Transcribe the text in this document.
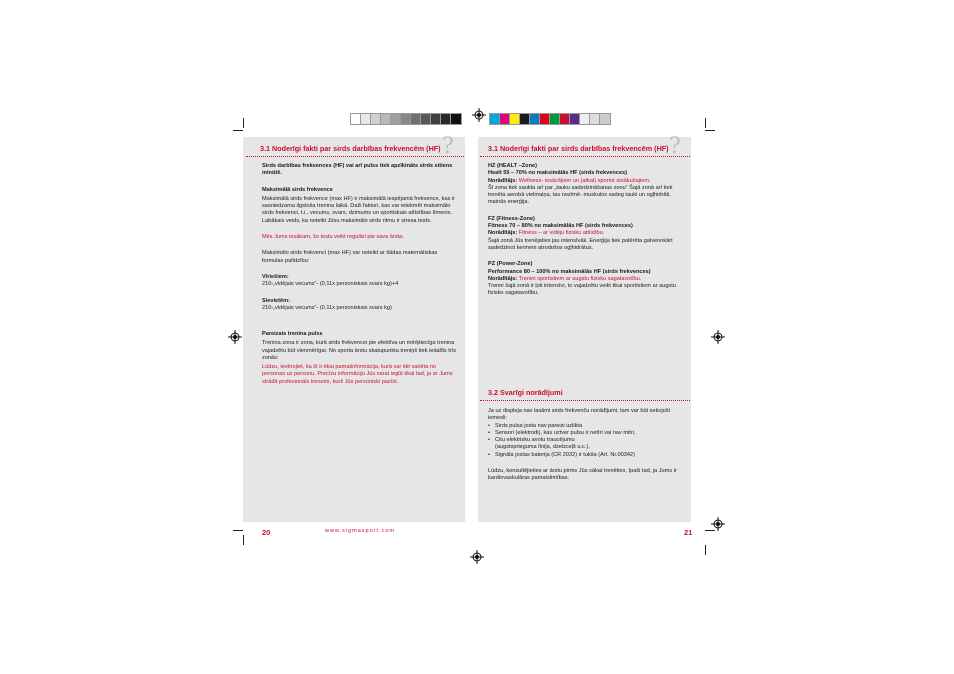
3.1 Noderīgi fakti par sirds darbības frekvencēm (HF) ?

Sirds darbības frekvences (HF) vai arī pulss tiek apzīkināts sirds sitiens minūtē.

Maksimālā sirds frekvence

Maksimālā sirds frekvence (max HF) ir maksimālā iespējamā frekvence, kas ir sasniedzama ilgstoša trenina laikā. Daži faktori, kas var ietekmēt maksimālo sirds frekvenci, t.i., vecums, svars, dzimums un sportiskais attīstības līmenis. Labākais veids, ka noteikt Jūsu maksimālo sirds ritmu ir stresa tests.

Mēs Jums iesākam, šo testu veikt regulāri pie sava ārsta.

Maksimālo sirds frekvenci (max HF) var noteikt ar šādas matemātiskas formulas palīdzību:

Vīriešiem:

210-„vidējais vecums“- (0,11x personiskais svars kg)+4

Sievietēm:

210-„vidējais vecums“- (0.11x personiskais svars kg)

Pareizais trenina pulss

Trenina zona ir zona, kurā sirds frekvencei pie efektīva un mērķtiecīga trenina vajadzētu būt vienmērīgai. No sporta ārstu skatupunkta treniņš tiek iedalīts trīs zonās:

Lūdzu, ievērojiet, ka šī ir tikai pamatinformācija, kurā var tikt variēta no personas uz personu. Precīzu informāciju Jūs varat iegūt tikai tad, ja ar Jums strādā profesionāls treneris, kurš Jūs personiski pazīst.

20	www.sigmasport.com
3.1 Noderīgi fakti par sirds darbības frekvencēm (HF) ?

HZ (HEALT –Zone)

Healt 55 – 70% no maksimālās HF (sirds frekvences)

Norādītājs: Wellness- iesācējiem un (atkal) sportot atsākušajiem.

Šī zona tiek saukta arī par „tauku sadedzināšanas zonu“ Šajā zonā arī tiek trenēta aerobā vielmaiņa, tas nozīmē- muskulos sadeg tauki un ogļhidrāti, mainās enerģija.

FZ (Fitness-Zone)

Fitness 70 – 80% no maksimālās HF (sirds frekvences)

Norādītājs: Fitness – ar vidēju fizisku attīstību.

Šajā zonā Jūs trenējaties jau intensīvāk. Enerģija tiek patērēta galvenokārt sadedzinot kermeni atrodošos ogļhidrātus.

PZ (Power-Zone)

Performance 80 – 100% no maksimālās HF (sirds frekvences)

Norādītājs: Trenini sportistiem ar augstu fizisku sagatavotību.

Trenni šajā zonā ir ļoti intensīvi, to vajadzētu veikt tikai sportistiem ar augstu fizisko sagatavotību.

3.2 Svarīgi norādījumi

Ja uz displeja nav lasāmi sirds frekvenču norādījumi, tam var būt sekojoši iemesli:

• Sirds pulsa josta nav pareizi uzlikta
• Sensori (elektrodi), kas uztver pulsu ir netīri vai nav mitri,
• Citu elektrisku avotu traucējumu
(augstsprieguma līnija, dzelzceļš u.c.),
• Signāla jostas baterija (CR 2032) ir tukša (Art. Nr.00342)

Lūdzu, konsultējieties ar ārstu pirms Jūs sākat trenēties, īpaši tad, ja Jums ir kardiovaskulāras pamatslimības.

21
